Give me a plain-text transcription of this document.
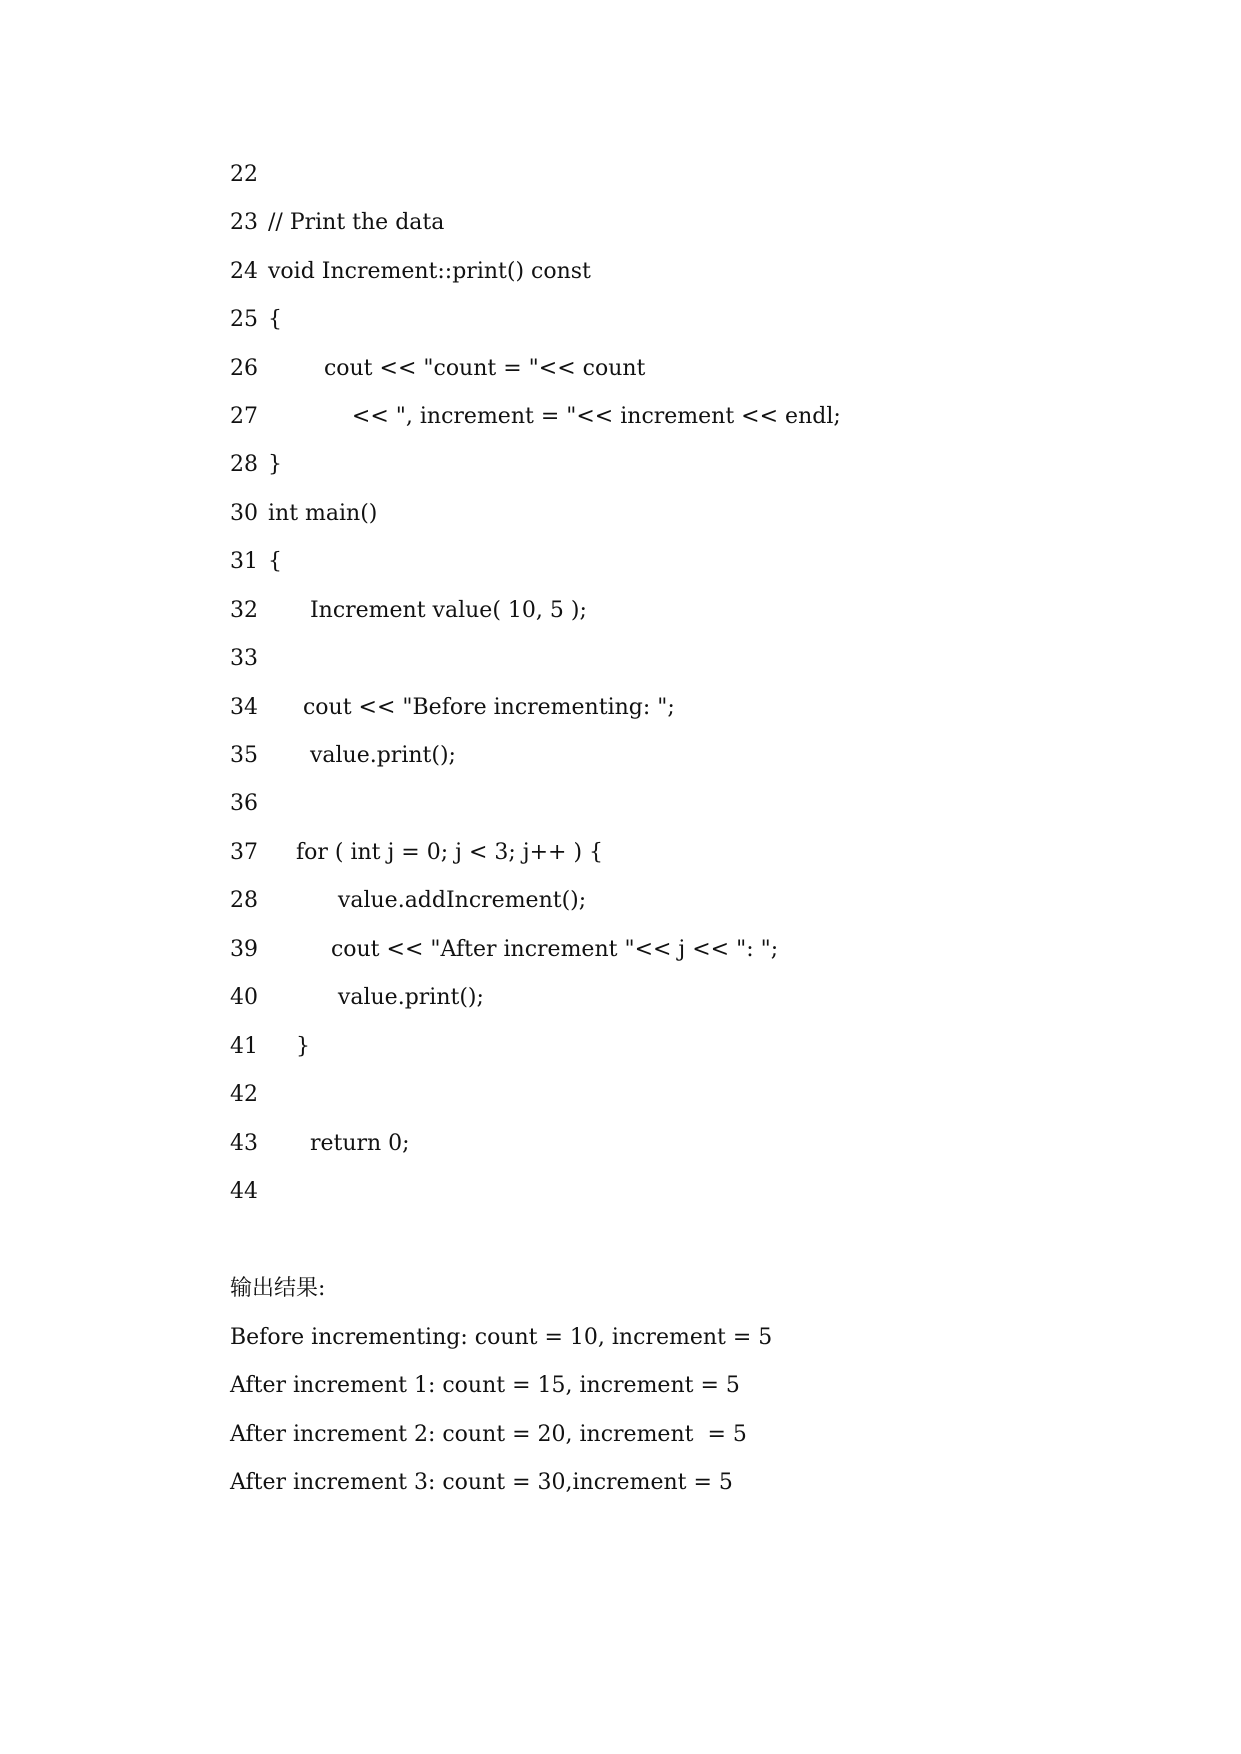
22
23 // Print the data
24 void Increment::print() const
25 {
26        cout << "count = "<< count
27            << ", increment = "<< increment << endl;
28 }
30 int main()
31 {
32      Increment value( 10, 5 );
33
34     cout << "Before incrementing: ";
35      value.print();
36
37    for ( int j = 0; j < 3; j++ ) {
28          value.addIncrement();
39         cout << "After increment "<< j << ": ";
40          value.print();
41    }
42
43      return 0;
44
输出结果:
Before incrementing: count = 10, increment = 5
After increment 1: count = 15, increment = 5
After increment 2: count = 20, increment  = 5
After increment 3: count = 30,increment = 5
